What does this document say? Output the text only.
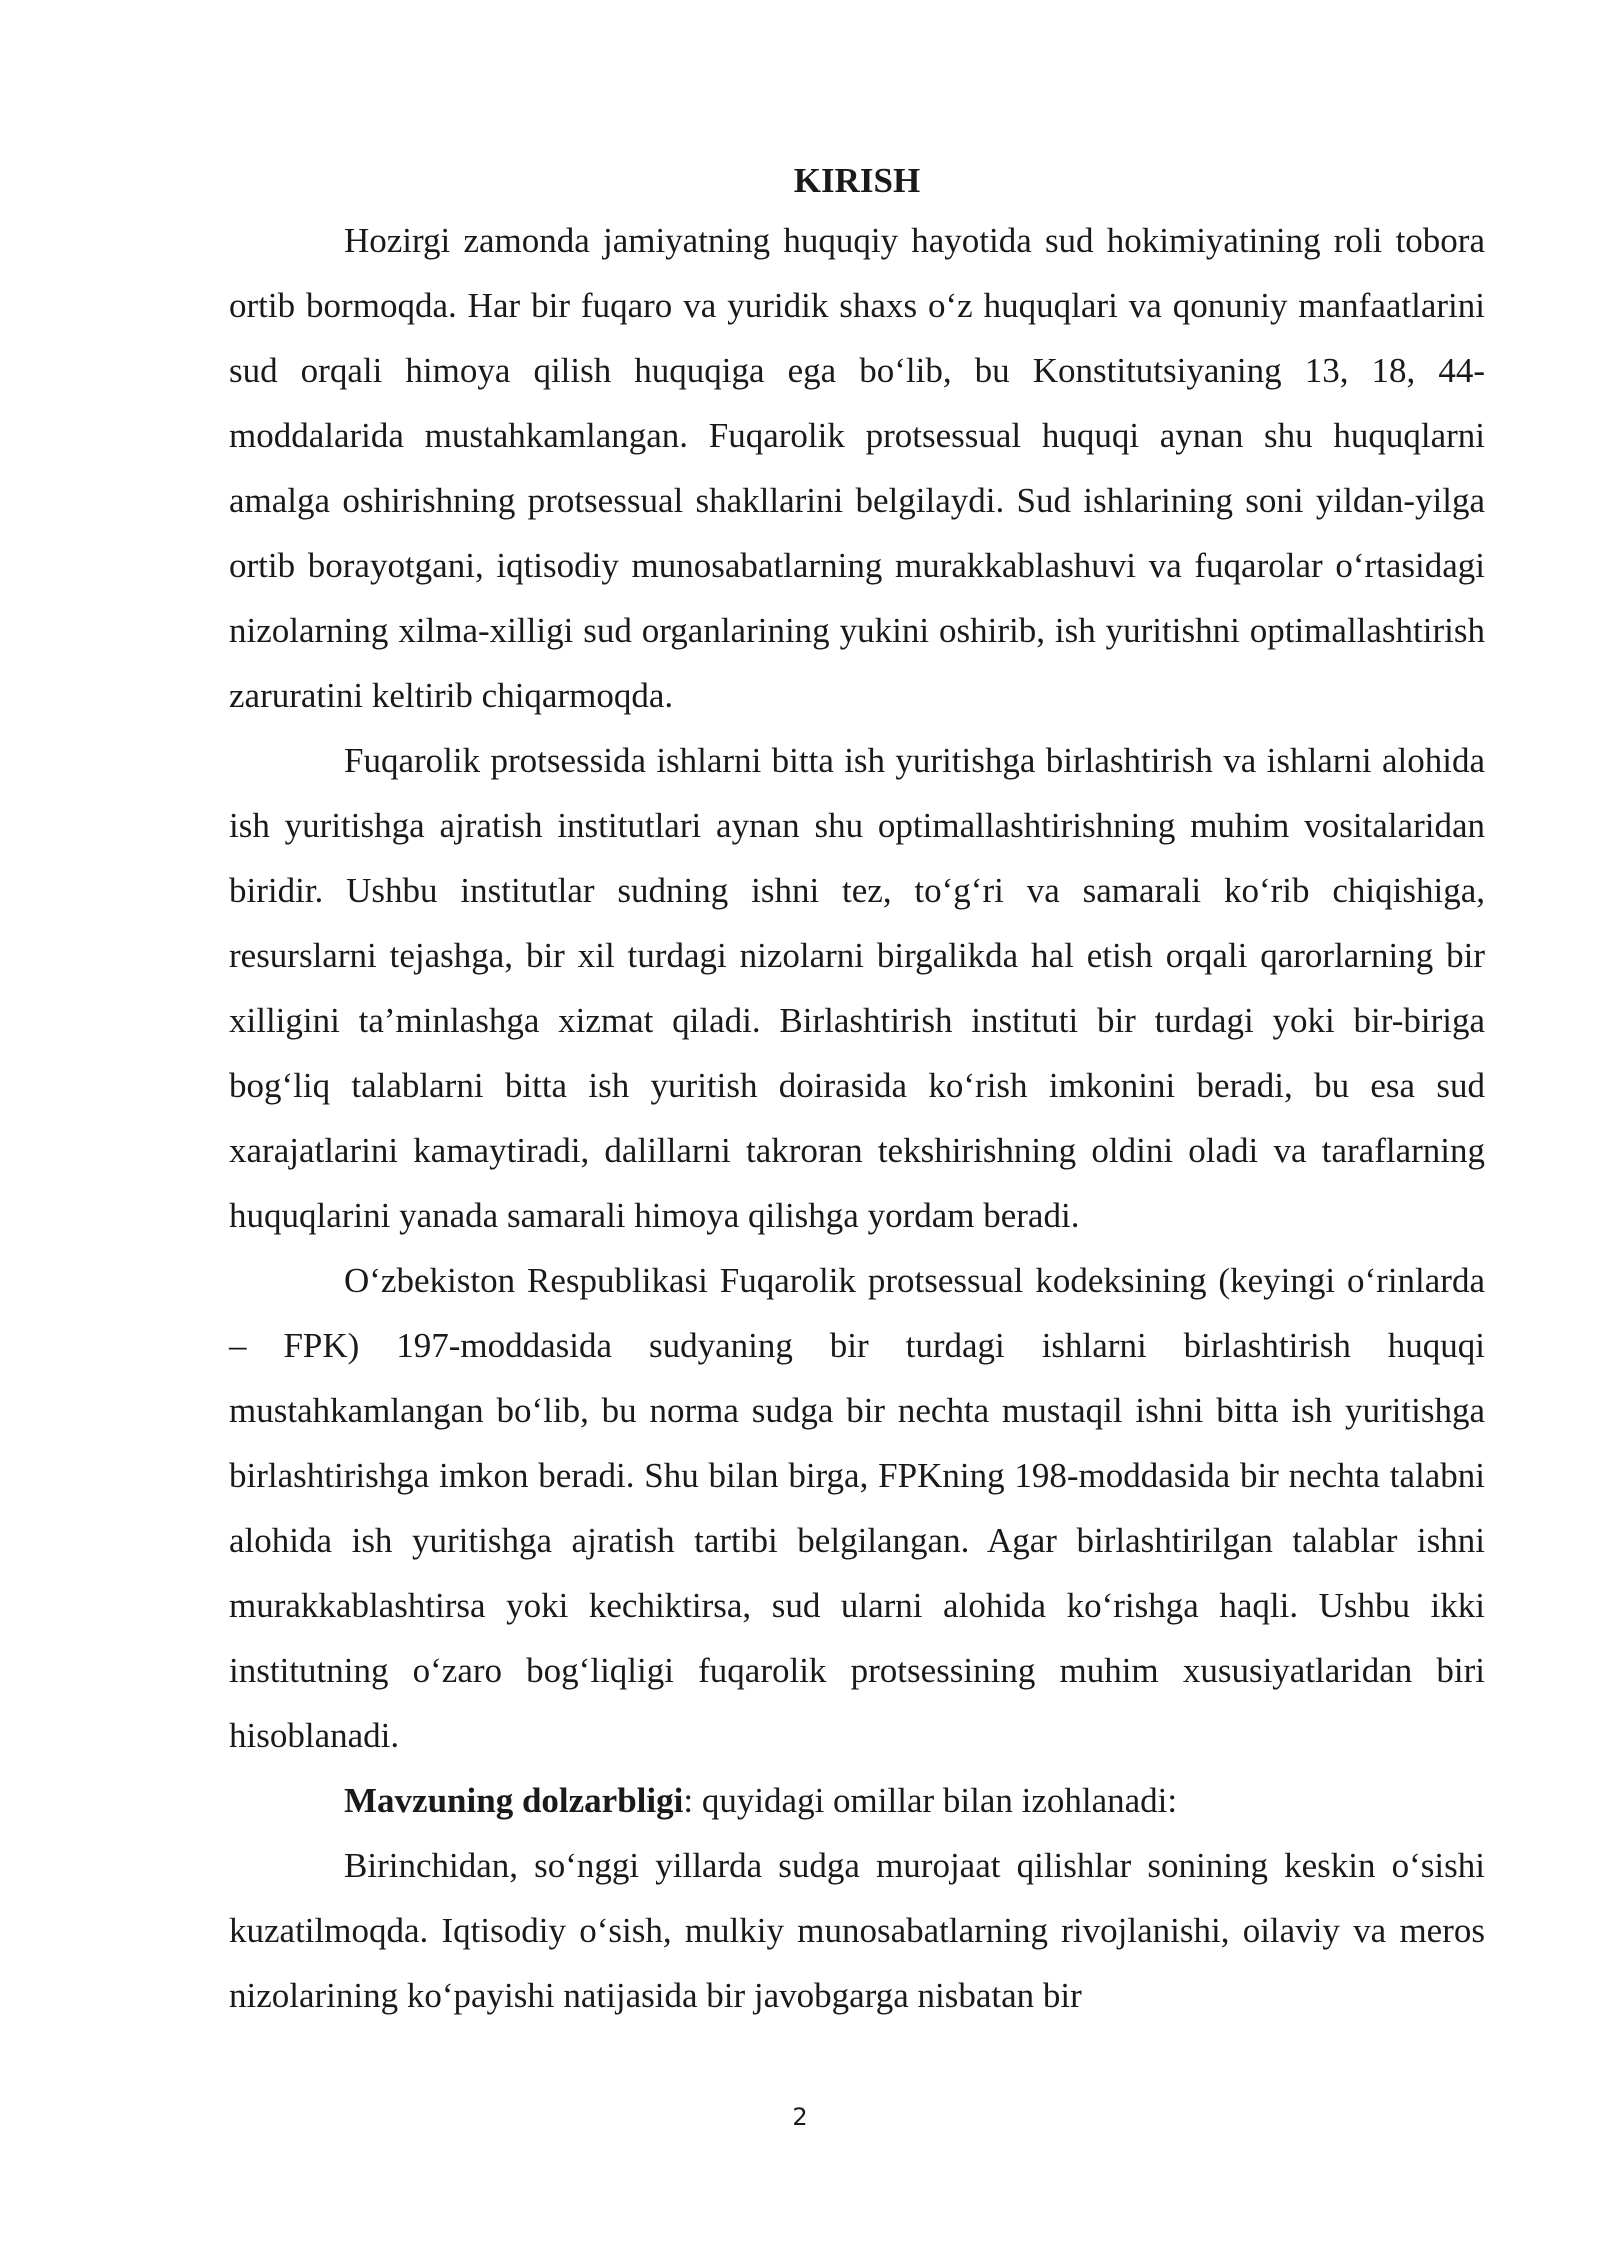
KIRISH

Hozirgi zamonda jamiyatning huquqiy hayotida sud hokimiyatining roli tobora ortib bormoqda. Har bir fuqaro va yuridik shaxs o‘z huquqlari va qonuniy manfaatlarini sud orqali himoya qilish huquqiga ega bo‘lib, bu Konstitutsiyaning 13, 18, 44-moddalarida mustahkamlangan. Fuqarolik protsessual huquqi aynan shu huquqlarni amalga oshirishning protsessual shakllarini belgilaydi. Sud ishlarining soni yildan-yilga ortib borayotgani, iqtisodiy munosabatlarning murakkablashuvi va fuqarolar o‘rtasidagi nizolarning xilma-xilligi sud organlarining yukini oshirib, ish yuritishni optimallashtirish zaruratini keltirib chiqarmoqda.

Fuqarolik protsessida ishlarni bitta ish yuritishga birlashtirish va ishlarni alohida ish yuritishga ajratish institutlari aynan shu optimallashtirishning muhim vositalaridan biridir. Ushbu institutlar sudning ishni tez, to‘g‘ri va samarali ko‘rib chiqishiga, resurslarni tejashga, bir xil turdagi nizolarni birgalikda hal etish orqali qarorlarning bir xilligini ta’minlashga xizmat qiladi. Birlashtirish instituti bir turdagi yoki bir-biriga bog‘liq talablarni bitta ish yuritish doirasida ko‘rish imkonini beradi, bu esa sud xarajatlarini kamaytiradi, dalillarni takroran tekshirishning oldini oladi va taraflarning huquqlarini yanada samarali himoya qilishga yordam beradi.

O‘zbekiston Respublikasi Fuqarolik protsessual kodeksining (keyingi o‘rinlarda – FPK) 197-moddasida sudyaning bir turdagi ishlarni birlashtirish huquqi mustahkamlangan bo‘lib, bu norma sudga bir nechta mustaqil ishni bitta ish yuritishga birlashtirishga imkon beradi. Shu bilan birga, FPKning 198-moddasida bir nechta talabni alohida ish yuritishga ajratish tartibi belgilangan. Agar birlashtirilgan talablar ishni murakkablashtirsa yoki kechiktirsa, sud ularni alohida ko‘rishga haqli. Ushbu ikki institutning o‘zaro bog‘liqligi fuqarolik protsessining muhim xususiyatlaridan biri hisoblanadi.

Mavzuning dolzarbligi: quyidagi omillar bilan izohlanadi:

Birinchidan, so‘nggi yillarda sudga murojaat qilishlar sonining keskin o‘sishi kuzatilmoqda. Iqtisodiy o‘sish, mulkiy munosabatlarning rivojlanishi, oilaviy va meros nizolarining ko‘payishi natijasida bir javobgarga nisbatan bir

2
